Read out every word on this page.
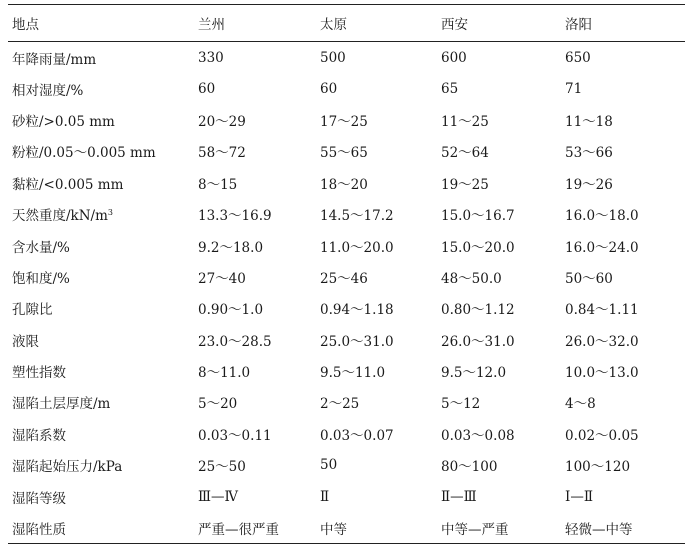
地点	兰州	太原	西安	洛阳
年降雨量/mm	330	500	600	650
相对湿度/%	60	60	65	71
砂粒/>0.05 mm	20～29	17～25	11～25	11～18
粉粒/0.05～0.005 mm	58～72	55～65	52～64	53～66
黏粒/<0.005 mm	8～15	18～20	19～25	19～26
天然重度$/kN/m^3$	13.3～16.9	14.5～17.2	15.0～16.7	16.0～18.0
含水量/%	9.2～18.0	11.0～20.0	15.0～20.0	16.0～24.0
饱和度/%	27～40	25～46	48～50.0	50～60
孔隙比	0.90～1.0	0.94～1.18	0.80～1.12	0.84～1.11
液限	23.0～28.5	25.0～31.0	26.0～31.0	26.0～32.0
塑性指数	8～11.0	9.5～11.0	9.5～12.0	10.0～13.0
湿陷土层厚度/m	5～20	2～25	5～12	4～8
湿陷系数	0.03～0.11	0.03～0.07	0.03～0.08	0.02～0.05
湿陷起始压力/kPa	25～50	50	80～100	100～120
湿陷等级	Ⅲ—Ⅳ	Ⅱ	Ⅱ—Ⅲ	Ⅰ—Ⅱ
湿陷性质	严重—很严重	中等	中等—严重	轻微—中等
